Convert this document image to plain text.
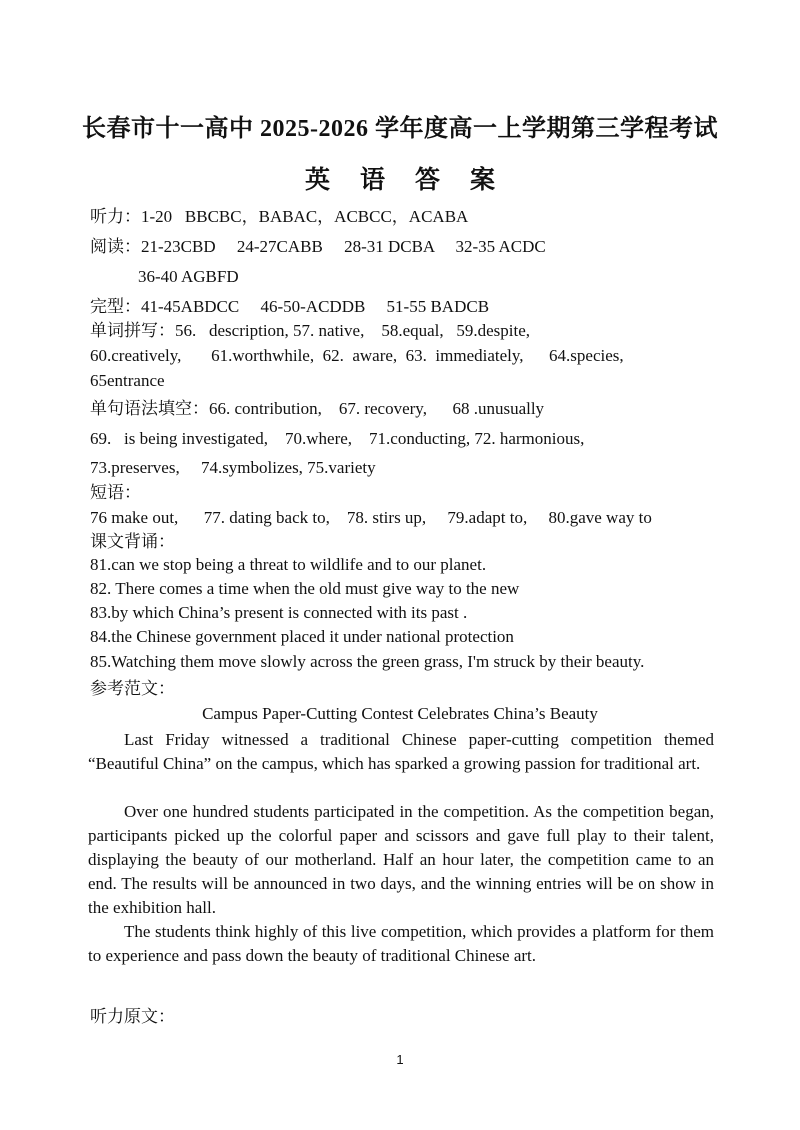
长春市十一高中 2025-2026 学年度高一上学期第三学程考试
英语答案
听力：1-20   BBCBC，BABAC，ACBCC，ACABA
阅读：21-23CBD     24-27CABB     28-31 DCBA     32-35 ACDC
36-40 AGBFD
完型：41-45ABDCC     46-50-ACDDB     51-55 BADCB
单词拼写：56.   description, 57. native,    58.equal,   59.despite,
60.creatively,       61.worthwhile,  62.  aware,  63.  immediately,      64.species,
65entrance
单句语法填空：66. contribution,    67. recovery,      68 .unusually
69.   is being investigated,    70.where,    71.conducting, 72. harmonious,
73.preserves,     74.symbolizes, 75.variety
短语：
76 make out,      77. dating back to,    78. stirs up,     79.adapt to,     80.gave way to
课文背诵：
81.can we stop being a threat to wildlife and to our planet.
82. There comes a time when the old must give way to the new
83.by which China’s present is connected with its past .
84.the Chinese government placed it under national protection
85.Watching them move slowly across the green grass, I'm struck by their beauty.
参考范文：
Campus Paper-Cutting Contest Celebrates China’s Beauty
Last Friday witnessed a traditional Chinese paper-cutting competition themed “Beautiful China” on the campus, which has sparked a growing passion for traditional art.
Over one hundred students participated in the competition. As the competition began, participants picked up the colorful paper and scissors and gave full play to their talent, displaying the beauty of our motherland. Half an hour later, the competition came to an end. The results will be announced in two days, and the winning entries will be on show in the exhibition hall.
The students think highly of this live competition, which provides a platform for them to experience and pass down the beauty of traditional Chinese art.
听力原文：
1
